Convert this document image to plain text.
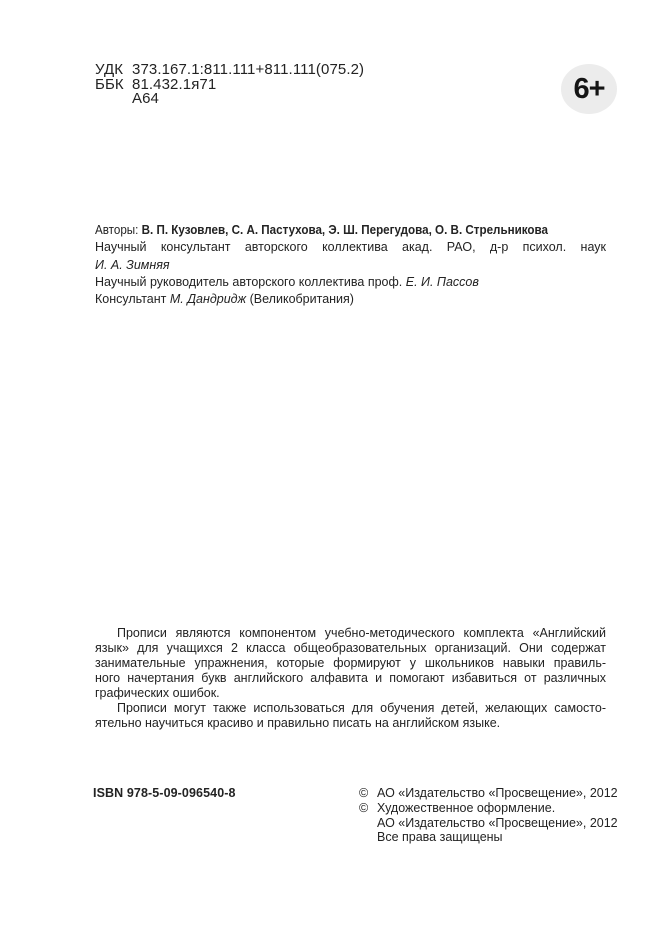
УДК 373.167.1:811.111+811.111(075.2)
ББК 81.432.1я71
А64	6+
Авторы: В. П. Кузовлев, С. А. Пастухова, Э. Ш. Перегудова, О. В. Стрельникова
Научный консультант авторского коллектива акад. РАО, д-р психол. наук
И. А. Зимняя
Научный руководитель авторского коллектива проф. Е. И. Пассов
Консультант М. Дандридж (Великобритания)
Прописи являются компонентом учебно-методического комплекта «Английский
язык» для учащихся 2 класса общеобразовательных организаций. Они содержат
занимательные упражнения, которые формируют у школьников навыки правиль-
ного начертания букв английского алфавита и помогают избавиться от различных
графических ошибок.
Прописи могут также использоваться для обучения детей, желающих самосто-
ятельно научиться красиво и правильно писать на английском языке.
ISBN 978-5-09-096540-8	© АО «Издательство «Просвещение», 2012
© Художественное оформление.
АО «Издательство «Просвещение», 2012
Все права защищены
